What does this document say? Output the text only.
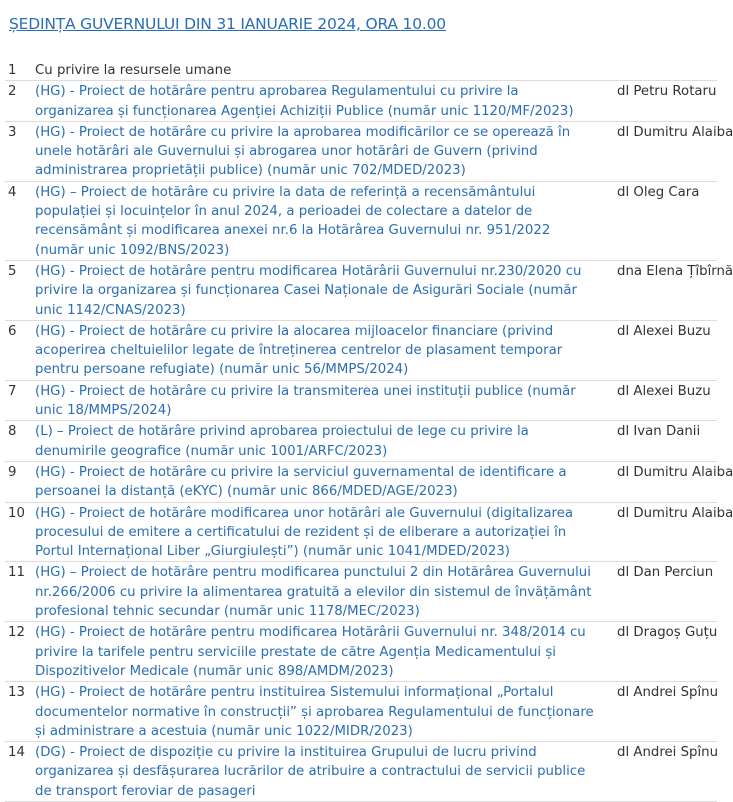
ȘEDINȚA GUVERNULUI DIN 31 IANUARIE 2024, ORA 10.00
1	Cu privire la resursele umane	
2	(HG) - Proiect de hotărâre pentru aprobarea Regulamentului cu privire la organizarea și funcționarea Agenției Achiziții Publice (număr unic 1120/MF/2023)	dl Petru Rotaru
3	(HG) - Proiect de hotărâre cu privire la aprobarea modificărilor ce se operează în unele hotărâri ale Guvernului și abrogarea unor hotărâri de Guvern (privind administrarea proprietății publice) (număr unic 702/MDED/2023)	dl Dumitru Alaiba
4	(HG) – Proiect de hotărâre cu privire la data de referință a recensământului populației și locuințelor în anul 2024, a perioadei de colectare a datelor de recensământ și modificarea anexei nr.6 la Hotărârea Guvernului nr. 951/2022 (număr unic 1092/BNS/2023)	dl Oleg Cara
5	(HG) - Proiect de hotărâre pentru modificarea Hotărârii Guvernului nr.230/2020 cu privire la organizarea și funcționarea Casei Naționale de Asigurări Sociale (număr unic 1142/CNAS/2023)	dna Elena Țîbîrnă
6	(HG) - Proiect de hotărâre cu privire la alocarea mijloacelor financiare (privind acoperirea cheltuielilor legate de întreținerea centrelor de plasament temporar pentru persoane refugiate) (număr unic 56/MMPS/2024)	dl Alexei Buzu
7	(HG) - Proiect de hotărâre cu privire la transmiterea unei instituții publice (număr unic 18/MMPS/2024)	dl Alexei Buzu
8	(L) – Proiect de hotărâre privind aprobarea proiectului de lege cu privire la denumirile geografice (număr unic 1001/ARFC/2023)	dl Ivan Danii
9	(HG) - Proiect de hotărâre cu privire la serviciul guvernamental de identificare a persoanei la distanță (eKYC) (număr unic 866/MDED/AGE/2023)	dl Dumitru Alaiba
10	(HG) - Proiect de hotărâre modificarea unor hotărâri ale Guvernului (digitalizarea procesului de emitere a certificatului de rezident și de eliberare a autorizației în Portul Internațional Liber „Giurgiulești”) (număr unic 1041/MDED/2023)	dl Dumitru Alaiba
11	(HG) – Proiect de hotărâre pentru modificarea punctului 2 din Hotărârea Guvernului nr.266/2006 cu privire la alimentarea gratuită a elevilor din sistemul de învățământ profesional tehnic secundar (număr unic 1178/MEC/2023)	dl Dan Perciun
12	(HG) - Proiect de hotărâre pentru modificarea Hotărârii Guvernului nr. 348/2014 cu privire la tarifele pentru serviciile prestate de către Agenția Medicamentului și Dispozitivelor Medicale (număr unic 898/AMDM/2023)	dl Dragoș Guțu
13	(HG) - Proiect de hotărâre pentru instituirea Sistemului informațional „Portalul documentelor normative în construcții” și aprobarea Regulamentului de funcționare și administrare a acestuia (număr unic 1022/MIDR/2023)	dl Andrei Spînu
14	(DG) - Proiect de dispoziție cu privire la instituirea Grupului de lucru privind organizarea și desfășurarea lucrărilor de atribuire a contractului de servicii publice de transport feroviar de pasageri	dl Andrei Spînu
